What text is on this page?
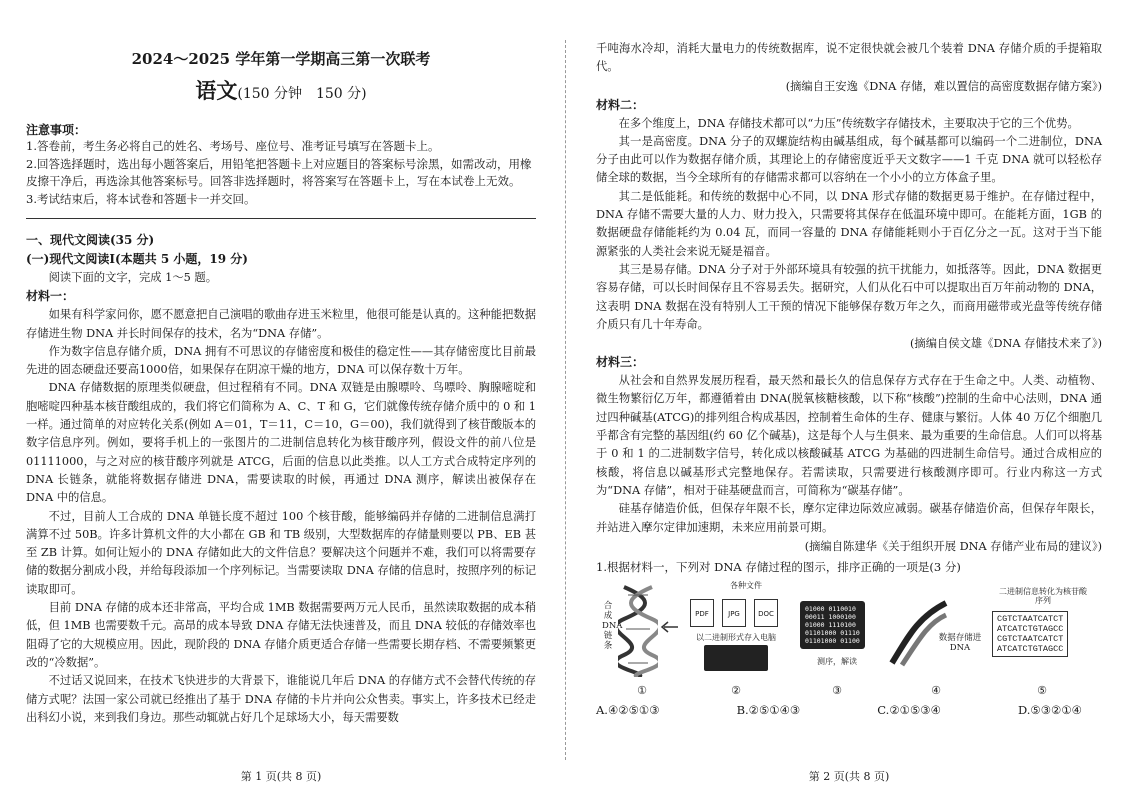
2024～2025 学年第一学期高三第一次联考
语文(150 分钟　150 分)
注意事项：
1.答卷前，考生务必将自己的姓名、考场号、座位号、准考证号填写在答题卡上。
2.回答选择题时，选出每小题答案后，用铅笔把答题卡上对应题目的答案标号涂黑，如需改动，用橡皮擦干净后，再选涂其他答案标号。回答非选择题时，将答案写在答题卡上，写在本试卷上无效。
3.考试结束后，将本试卷和答题卡一并交回。
一、现代文阅读(35 分)
(一)现代文阅读Ⅰ(本题共 5 小题，19 分)
阅读下面的文字，完成 1～5 题。
材料一：
如果有科学家问你，愿不愿意把自己演唱的歌曲存进玉米粒里，他很可能是认真的。这种能把数据存储进生物 DNA 并长时间保存的技术，名为“DNA 存储”。
作为数字信息存储介质，DNA 拥有不可思议的存储密度和极佳的稳定性——其存储密度比目前最先进的固态硬盘还要高1000倍，如果保存在阴凉干燥的地方，DNA 可以保存数十万年。
DNA 存储数据的原理类似硬盘，但过程稍有不同。DNA 双链是由腺嘌呤、鸟嘌呤、胸腺嘧啶和胞嘧啶四种基本核苷酸组成的，我们将它们简称为 A、C、T 和 G，它们就像传统存储介质中的 0 和 1 一样。通过简单的对应转化关系(例如 A＝01，T＝11，C＝10，G＝00)，我们就得到了核苷酸版本的数字信息序列。例如，要将手机上的一张图片的二进制信息转化为核苷酸序列，假设文件的前八位是01111000，与之对应的核苷酸序列就是 ATCG，后面的信息以此类推。以人工方式合成特定序列的 DNA 长链条，就能将数据存储进 DNA，需要读取的时候，再通过 DNA 测序，解读出被保存在 DNA 中的信息。
不过，目前人工合成的 DNA 单链长度不超过 100 个核苷酸，能够编码并存储的二进制信息满打满算不过 50B。许多计算机文件的大小都在 GB 和 TB 级别，大型数据库的存储量则要以 PB、EB 甚至 ZB 计算。如何让短小的 DNA 存储如此大的文件信息？要解决这个问题并不难，我们可以将需要存储的数据分割成小段，并给每段添加一个序列标记。当需要读取 DNA 存储的信息时，按照序列的标记读取即可。
目前 DNA 存储的成本还非常高，平均合成 1MB 数据需要两万元人民币，虽然读取数据的成本稍低，但 1MB 也需要数千元。高昂的成本导致 DNA 存储无法快速普及，而且 DNA 较低的存储效率也阻碍了它的大规模应用。因此，现阶段的 DNA 存储介质更适合存储一些需要长期存档、不需要频繁更改的“冷数据”。
不过话又说回来，在技术飞快进步的大背景下，谁能说几年后 DNA 的存储方式不会替代传统的存储方式呢？法国一家公司就已经推出了基于 DNA 存储的卡片并向公众售卖。事实上，许多技术已经走出科幻小说，来到我们身边。那些动辄就占好几个足球场大小，每天需要数
第 1 页(共 8 页)
千吨海水冷却，消耗大量电力的传统数据库，说不定很快就会被几个装着 DNA 存储介质的手提箱取代。
(摘编自王安逸《DNA 存储，难以置信的高密度数据存储方案》)
材料二：
在多个维度上，DNA 存储技术都可以“力压”传统数字存储技术，主要取决于它的三个优势。
其一是高密度。DNA 分子的双螺旋结构由碱基组成，每个碱基都可以编码一个二进制位，DNA 分子由此可以作为数据存储介质，其理论上的存储密度近乎天文数字——1 千克 DNA 就可以轻松存储全球的数据，当今全球所有的存储需求都可以容纳在一个小小的立方体盒子里。
其二是低能耗。和传统的数据中心不同，以 DNA 形式存储的数据更易于维护。在存储过程中，DNA 存储不需要大量的人力、财力投入，只需要将其保存在低温环境中即可。在能耗方面，1GB 的数据硬盘存储能耗约为 0.04 瓦，而同一容量的 DNA 存储能耗则小于百亿分之一瓦。这对于当下能源紧张的人类社会来说无疑是福音。
其三是易存储。DNA 分子对于外部环境具有较强的抗干扰能力，如抵落等。因此，DNA 数据更容易存储，可以长时间保存且不容易丢失。据研究，人们从化石中可以提取出百万年前动物的 DNA，这表明 DNA 数据在没有特别人工干预的情况下能够保存数万年之久，而商用磁带或光盘等传统存储介质只有几十年寿命。
(摘编自侯文雄《DNA 存储技术来了》)
材料三：
从社会和自然界发展历程看，最天然和最长久的信息保存方式存在于生命之中。人类、动植物、微生物繁衍亿万年，都遵循着由 DNA(脱氧核糖核酸，以下称“核酸”)控制的生命中心法则，DNA 通过四种碱基(ATCG)的排列组合构成基因，控制着生命体的生存、健康与繁衍。人体 40 万亿个细胞几乎都含有完整的基因组(约 60 亿个碱基)，这是每个人与生俱来、最为重要的生命信息。人们可以将基于 0 和 1 的二进制数字信号，转化成以核酸碱基 ATCG 为基础的四进制生命信号。通过合成相应的核酸，将信息以碱基形式完整地保存。若需读取，只需要进行核酸测序即可。行业内称这一方式为“DNA 存储”，相对于硅基硬盘而言，可简称为“碳基存储”。
硅基存储造价低，但保存年限不长，摩尔定律边际效应减弱。碳基存储造价高，但保存年限长，并站进入摩尔定律加速期，未来应用前景可期。
(摘编自陈建华《关于组织开展 DNA 存储产业布局的建议》)
1.根据材料一，下列对 DNA 存储过程的图示，排序正确的一项是(3 分)
合成DNA链条
①
各种文件
PDF	JPG	DOC
以二进制形式存入电脑
②
01000 0110010
00011 1000100
01000 1110100
01101000 01110
01101000 01100
测序，解读
③
数据存储进DNA
④
二进制信息转化为核苷酸序列
CGTCTAATCATCT
ATCATCTGTAGCC
CGTCTAATCATCT
ATCATCTGTAGCC
⑤
A.④②⑤①③	B.②⑤①④③	C.②①⑤③④	D.⑤③②①④
第 2 页(共 8 页)
